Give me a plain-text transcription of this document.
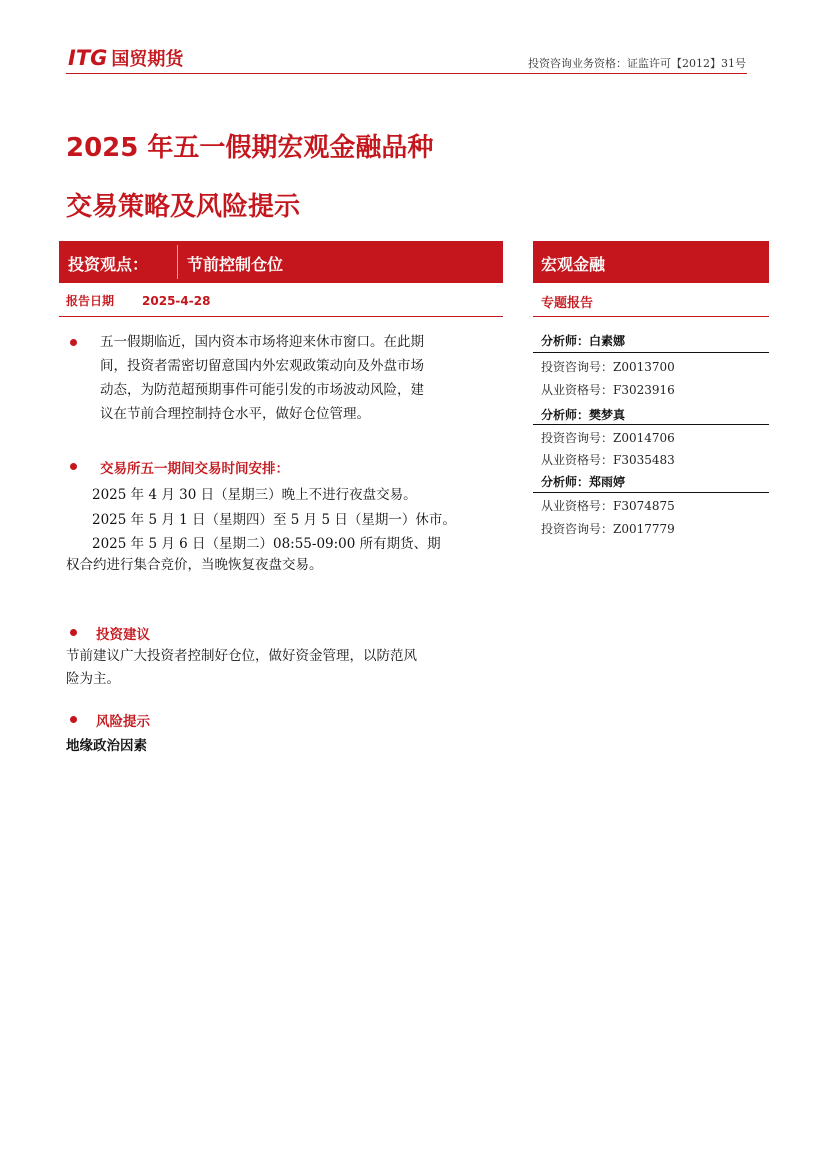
ITG 国贸期货	投资咨询业务资格：证监许可【2012】31号
2025 年五一假期宏观金融品种
交易策略及风险提示
投资观点： 节前控制仓位
报告日期 2025-4-28
宏观金融
专题报告
分析师：白素娜
投资咨询号：Z0013700
从业资格号：F3023916
分析师：樊梦真
投资咨询号：Z0014706
从业资格号：F3035483
分析师：郑雨婷
从业资格号：F3074875
投资咨询号：Z0017779
五一假期临近，国内资本市场将迎来休市窗口。在此期
间，投资者需密切留意国内外宏观政策动向及外盘市场
动态，为防范超预期事件可能引发的市场波动风险，建
议在节前合理控制持仓水平，做好仓位管理。
交易所五一期间交易时间安排：
2025 年 4 月 30 日（星期三）晚上不进行夜盘交易。
2025 年 5 月 1 日（星期四）至 5 月 5 日（星期一）休市。
2025 年 5 月 6 日（星期二）08:55-09:00 所有期货、期
权合约进行集合竞价，当晚恢复夜盘交易。
投资建议
节前建议广大投资者控制好仓位，做好资金管理，以防范风
险为主。
风险提示
地缘政治因素
